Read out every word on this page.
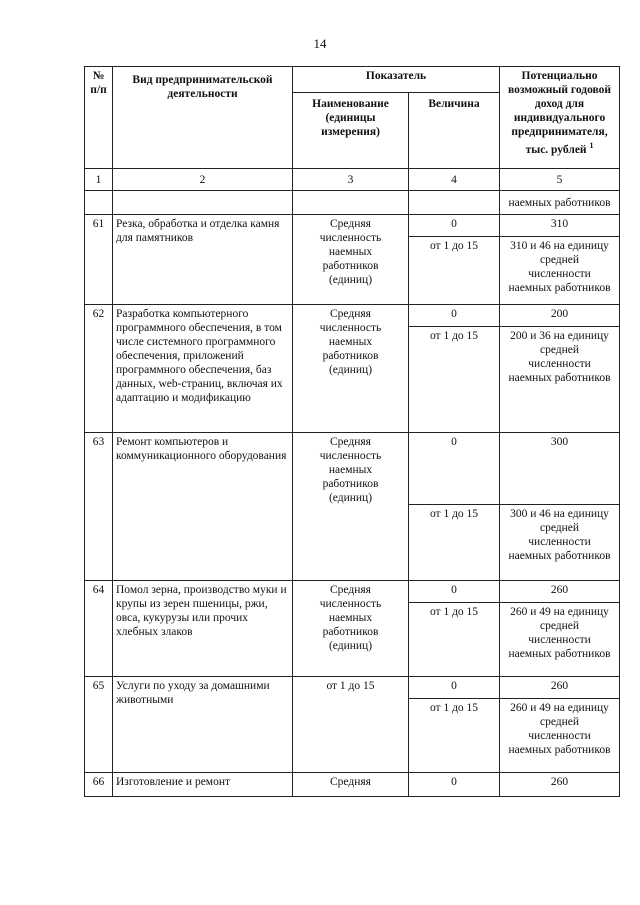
14
№
п/п	Вид предпринимательской деятельности	Показатель		Потенциально возможный годовой доход для индивидуального предпринимателя, тыс. рублей $^1$
		Наименование
(единицы
измерения)	Величина	
1	2	3	4	5
				наемных работников
61	Резка, обработка и отделка камня для памятников	Средняя
численность
наемных
работников
(единиц)	0	310
			от 1 до 15	310 и 46 на единицу
средней
численности
наемных работников
62	Разработка компьютерного программного обеспечения, в том числе системного программного обеспечения, приложений программного обеспечения, баз данных, web-страниц, включая их адаптацию и модификацию	Средняя
численность
наемных
работников
(единиц)	0	200
			от 1 до 15	200 и 36 на единицу
средней
численности
наемных работников
63	Ремонт компьютеров и коммуникационного оборудования	Средняя
численность
наемных
работников
(единиц)	0	300
			от 1 до 15	300 и 46 на единицу
средней
численности
наемных работников
64	Помол зерна, производство муки и крупы из зерен пшеницы, ржи, овса, кукурузы или прочих хлебных злаков	Средняя
численность
наемных
работников
(единиц)	0	260
			от 1 до 15	260 и 49 на единицу
средней
численности
наемных работников
65	Услуги по уходу за домашними животными	от 1 до 15	0	260
			от 1 до 15	260 и 49 на единицу
средней
численности
наемных работников
66	Изготовление и ремонт	Средняя	0	260
